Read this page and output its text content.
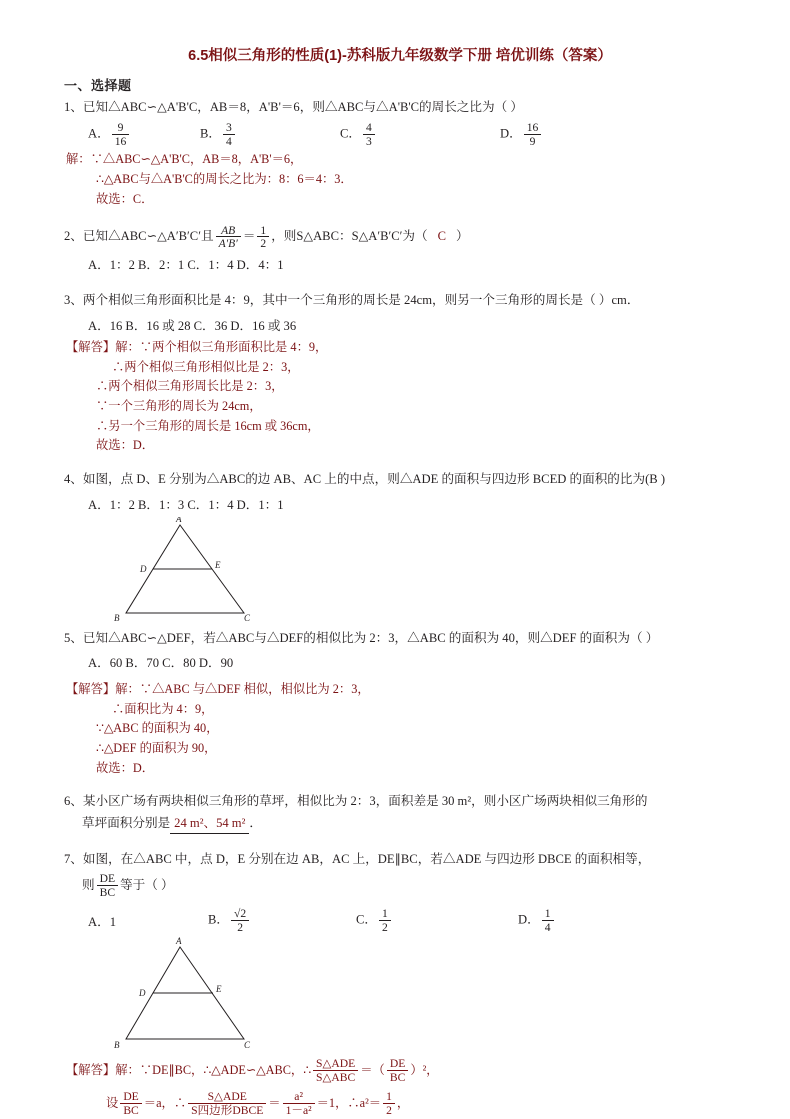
6.5相似三角形的性质(1)-苏科版九年级数学下册 培优训练（答案）
一、选择题
1、已知△ABC∽△A'B'C，AB＝8，A'B'＝6，则△ABC与△A'B'C的周长之比为（ ）
A． $\frac{9}{16}$	B． $\frac{3}{4}$	C． $\frac{4}{3}$	D． $\frac{16}{9}$
解：∵△ABC∽△A'B'C，AB＝8，A'B'＝6，
∴△ABC与△A'B'C的周长之比为：8：6＝4：3．
故选：C．
2、已知△ABC∽△A′B′C′且 $\frac{AB}{A'B'} = \frac{1}{2}$ ，则S△ABC：S△A′B′C′为（ C ）
A．1：2 B．2：1 C．1：4 D．4：1
3、两个相似三角形面积比是 4：9，其中一个三角形的周长是 24cm，则另一个三角形的周长是（ ）cm．
A．16 B．16 或 28 C．36 D．16 或 36
【解答】解：∵两个相似三角形面积比是 4：9，
∴两个相似三角形相似比是 2：3，
∴两个相似三角形周长比是 2：3，
∵一个三角形的周长为 24cm，
∴另一个三角形的周长是 16cm 或 36cm，
故选：D．
4、如图，点 D、E 分别为△ABC的边 AB、AC 上的中点，则△ADE 的面积与四边形 BCED 的面积的比为(B )
A．1：2 B．1：3 C．1：4 D．1：1
A
B	C
D	E
5、已知△ABC∽△DEF，若△ABC与△DEF的相似比为 2：3，△ABC 的面积为 40，则△DEF 的面积为（ ）
A．60 B．70 C．80 D．90
【解答】解：∵△ABC 与△DEF 相似，相似比为 2：3，
∴面积比为 4：9，
∵△ABC 的面积为 40，
∴△DEF 的面积为 90，
故选：D．
6、某小区广场有两块相似三角形的草坪，相似比为 2：3，面积差是 30 m²，则小区广场两块相似三角形的
草坪面积分别是 24 m²、54 m² ．
7、如图，在△ABC 中，点 D，E 分别在边 AB，AC 上，DE∥BC，若△ADE 与四边形 DBCE 的面积相等，
则 $\frac{DE}{BC}$ 等于（ ）
A．1	B． $\frac{√2}{2}$	C． $\frac{1}{2}$	D． $\frac{1}{4}$
A
B	C
D	E
【解答】解：∵DE∥BC，∴△ADE∽△ABC，∴ $\frac{\text{S△ADE}}{\text{S△ABC}}$ ＝（ $\frac{DE}{BC} )^2$，
设 $\frac{DE}{BC} =a$，∴ $\frac{\text{S△ADE}}{\text{S四边形DBCE}} = \frac{\text{a²}}{\text{1－a²}} =1$，∴a²＝ $\frac{1}{2}$ ，
